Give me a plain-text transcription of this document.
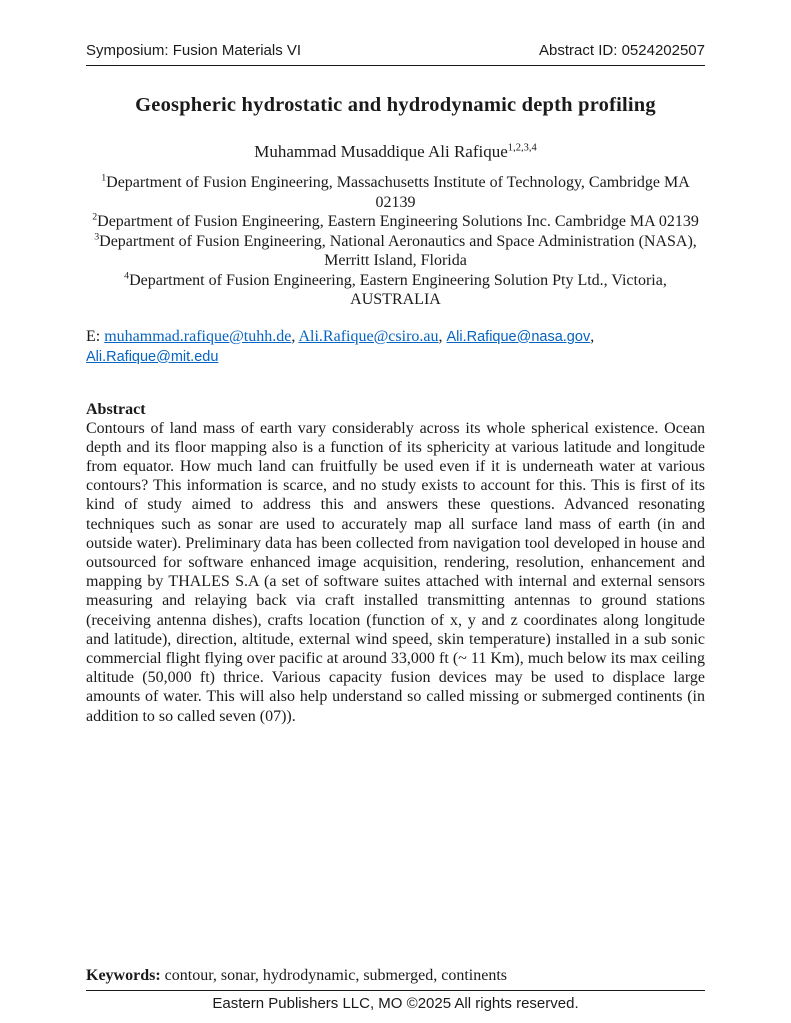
Symposium: Fusion Materials VI	Abstract ID: 0524202507
Geospheric hydrostatic and hydrodynamic depth profiling
Muhammad Musaddique Ali Rafique$^{1,2,3,4}$
$^1$Department of Fusion Engineering, Massachusetts Institute of Technology, Cambridge MA 02139
$^2$Department of Fusion Engineering, Eastern Engineering Solutions Inc. Cambridge MA 02139
$^3$Department of Fusion Engineering, National Aeronautics and Space Administration (NASA), Merritt Island, Florida
$^4$Department of Fusion Engineering, Eastern Engineering Solution Pty Ltd., Victoria, AUSTRALIA
E: muhammad.rafique@tuhh.de, Ali.Rafique@csiro.au, Ali.Rafique@nasa.gov, Ali.Rafique@mit.edu
Abstract
Contours of land mass of earth vary considerably across its whole spherical existence. Ocean depth and its floor mapping also is a function of its sphericity at various latitude and longitude from equator. How much land can fruitfully be used even if it is underneath water at various contours? This information is scarce, and no study exists to account for this. This is first of its kind of study aimed to address this and answers these questions. Advanced resonating techniques such as sonar are used to accurately map all surface land mass of earth (in and outside water). Preliminary data has been collected from navigation tool developed in house and outsourced for software enhanced image acquisition, rendering, resolution, enhancement and mapping by THALES S.A (a set of software suites attached with internal and external sensors measuring and relaying back via craft installed transmitting antennas to ground stations (receiving antenna dishes), crafts location (function of x, y and z coordinates along longitude and latitude), direction, altitude, external wind speed, skin temperature) installed in a sub sonic commercial flight flying over pacific at around 33,000 ft (~ 11 Km), much below its max ceiling altitude (50,000 ft) thrice. Various capacity fusion devices may be used to displace large amounts of water. This will also help understand so called missing or submerged continents (in addition to so called seven (07)).
Keywords: contour, sonar, hydrodynamic, submerged, continents
Eastern Publishers LLC, MO ©2025 All rights reserved.
